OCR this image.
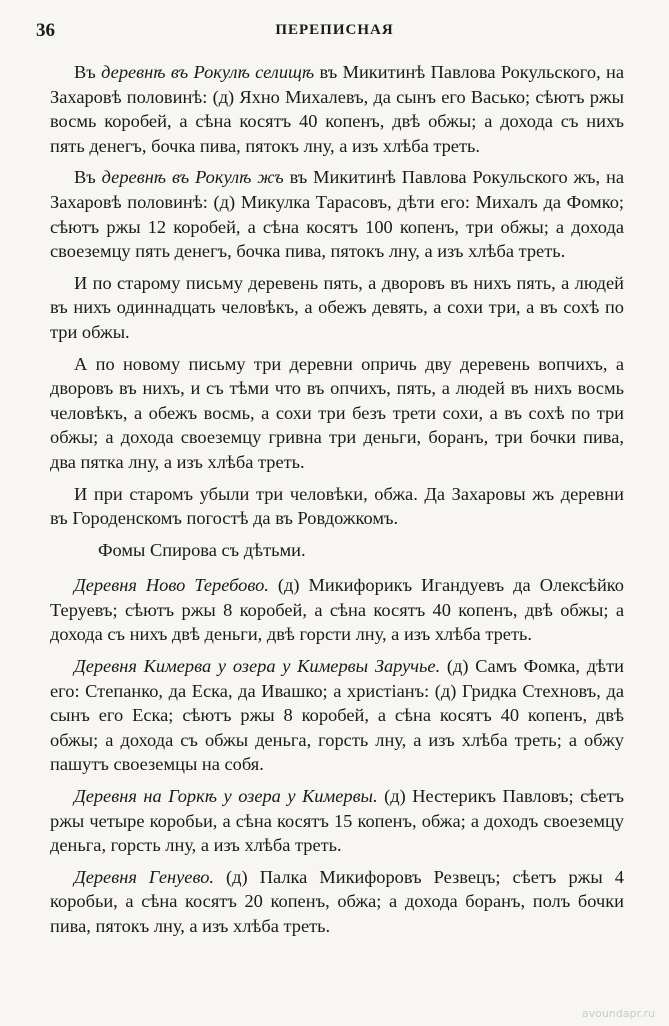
36	ПЕРЕПИСНАЯ

Въ деревнѣ въ Рокулѣ селищѣ въ Микитинѣ Павлова Рокульского, на Захаровѣ половинѣ: (д) Яхно Михалевъ, да сынъ его Васько; сѣютъ ржы восмь коробей, а сѣна косятъ 40 копенъ, двѣ обжы; а дохода съ нихъ пять денегъ, бочка пива, пятокъ лну, а изъ хлѣба треть.

Въ деревнѣ въ Рокулѣ жъ въ Микитинѣ Павлова Рокульского жъ, на Захаровѣ половинѣ: (д) Микулка Тарасовъ, дѣти его: Михалъ да Фомко; сѣютъ ржы 12 коробей, а сѣна косятъ 100 копенъ, три обжы; а дохода своеземцу пять денегъ, бочка пива, пятокъ лну, а изъ хлѣба треть.

И по старому письму деревень пять, а дворовъ въ нихъ пять, а людей въ нихъ одиннадцать человѣкъ, а обежъ девять, а сохи три, а въ сохѣ по три обжы.

А по новому письму три деревни опричь дву деревень вопчихъ, а дворовъ въ нихъ, и съ тѣми что въ опчихъ, пять, а людей въ нихъ восмь человѣкъ, а обежъ восмь, а сохи три безъ трети сохи, а въ сохѣ по три обжы; а дохода своеземцу гривна три деньги, боранъ, три бочки пива, два пятка лну, а изъ хлѣба треть.

И при старомъ убыли три человѣки, обжа. Да Захаровы жъ деревни въ Городенскомъ погостѣ да въ Ровдожкомъ.

Фомы Спирова съ дѣтьми.

Деревня Ново Теребово. (д) Микифорикъ Игандуевъ да Олексѣйко Теруевъ; сѣютъ ржы 8 коробей, а сѣна косятъ 40 копенъ, двѣ обжы; а дохода съ нихъ двѣ деньги, двѣ горсти лну, а изъ хлѣба треть.

Деревня Кимерва у озера у Кимервы Заручье. (д) Самъ Фомка, дѣти его: Степанко, да Еска, да Ивашко; а христіанъ: (д) Гридка Стехновъ, да сынъ его Еска; сѣютъ ржы 8 коробей, а сѣна косятъ 40 копенъ, двѣ обжы; а дохода съ обжы деньга, горсть лну, а изъ хлѣба треть; а обжу пашутъ своеземцы на собя.

Деревня на Горкѣ у озера у Кимервы. (д) Нестерикъ Павловъ; сѣетъ ржы четыре коробьи, а сѣна косятъ 15 копенъ, обжа; а доходъ своеземцу деньга, горсть лну, а изъ хлѣба треть.

Деревня Генуево. (д) Палка Микифоровъ Резвецъ; сѣетъ ржы 4 коробьи, а сѣна косятъ 20 копенъ, обжа; а дохода боранъ, полъ бочки пива, пятокъ лну, а изъ хлѣба треть.

avoundapr.ru
